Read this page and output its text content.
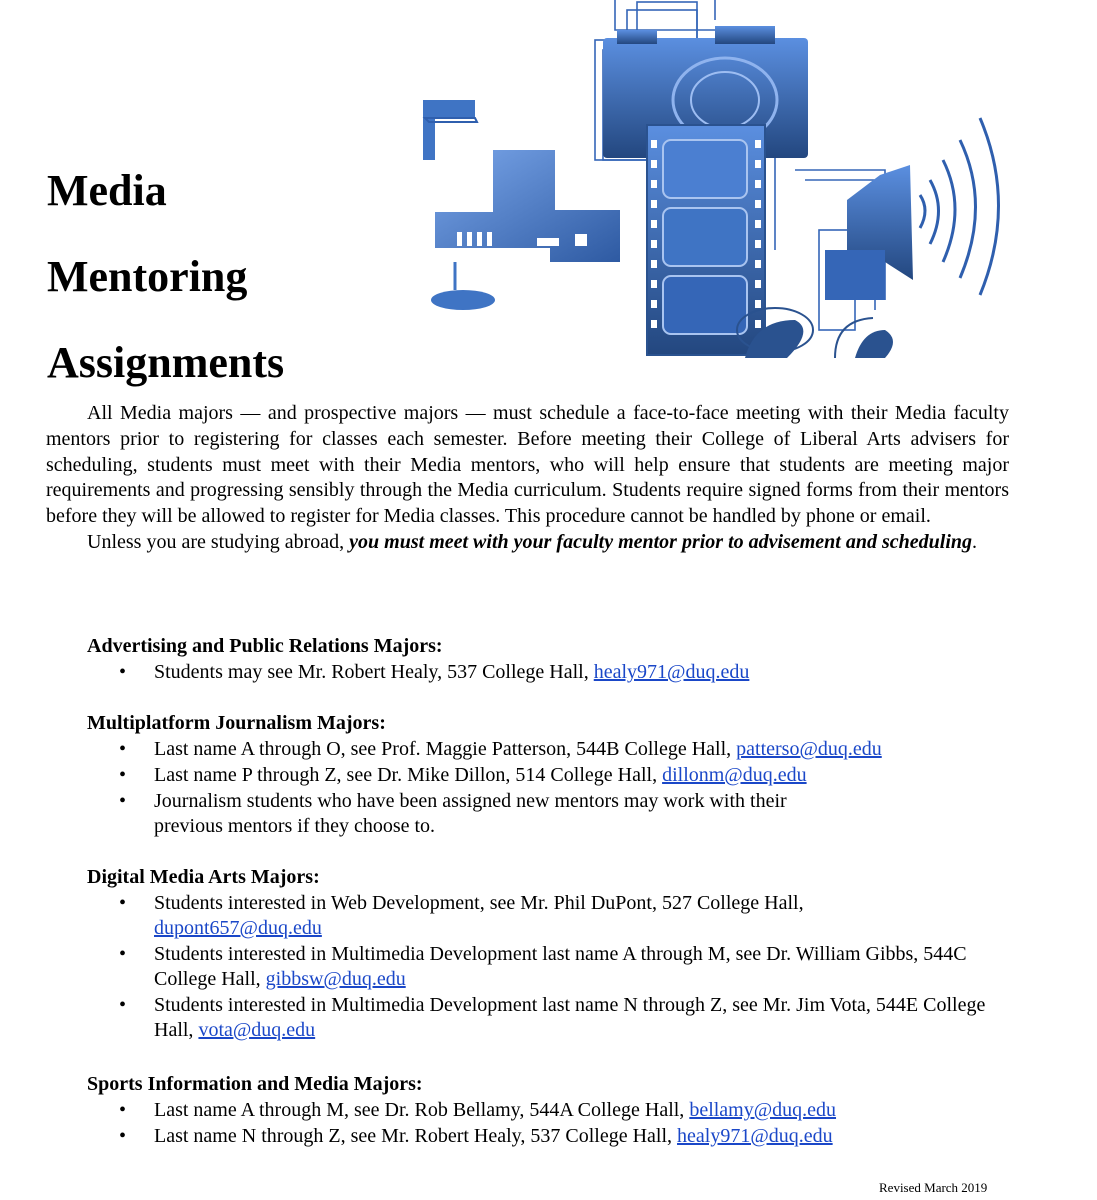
Media
Mentoring
Assignments

All Media majors — and prospective majors — must schedule a face-to-face meeting with their Media faculty mentors prior to registering for classes each semester. Before meeting their College of Liberal Arts advisers for scheduling, students must meet with their Media mentors, who will help ensure that students are meeting major requirements and progressing sensibly through the Media curriculum. Students require signed forms from their mentors before they will be allowed to register for Media classes. This procedure cannot be handled by phone or email.

Unless you are studying abroad, you must meet with your faculty mentor prior to advisement and scheduling.

Advertising and Public Relations Majors:
• Students may see Mr. Robert Healy, 537 College Hall, healy971@duq.edu
Multiplatform Journalism Majors:
• Last name A through O, see Prof. Maggie Patterson, 544B College Hall, patterso@duq.edu
• Last name P through Z, see Dr. Mike Dillon, 514 College Hall, dillonm@duq.edu
• Journalism students who have been assigned new mentors may work with their previous mentors if they choose to.
Digital Media Arts Majors:
• Students interested in Web Development, see Mr. Phil DuPont, 527 College Hall, dupont657@duq.edu
• Students interested in Multimedia Development last name A through M, see Dr. William Gibbs, 544C College Hall, gibbsw@duq.edu
• Students interested in Multimedia Development last name N through Z, see Mr. Jim Vota, 544E College Hall, vota@duq.edu
Sports Information and Media Majors:
• Last name A through M, see Dr. Rob Bellamy, 544A College Hall, bellamy@duq.edu
• Last name N through Z, see Mr. Robert Healy, 537 College Hall, healy971@duq.edu
Revised March 2019
